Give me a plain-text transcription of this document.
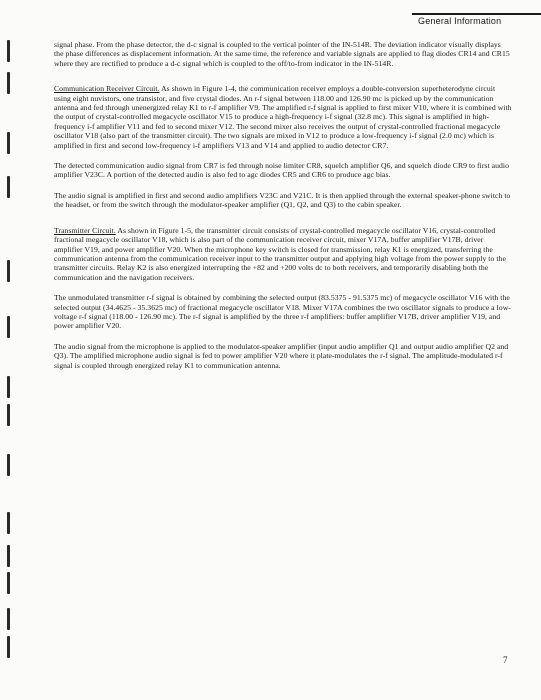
General Information

signal phase. From the phase detector, the d-c signal is coupled to the vertical pointer of the IN-514R. The deviation indicator visually displays the phase differences as displacement information. At the same time, the reference and variable signals are applied to flag diodes CR14 and CR15 where they are rectified to produce a d-c signal which is coupled to the off/to-from indicator in the IN-514R.

Communication Receiver Circuit. As shown in Figure 1-4, the communication receiver employs a double-conversion superheterodyne circuit using eight nuvistors, one transistor, and five crystal diodes. An r-f signal between 118.00 and 126.90 mc is picked up by the communication antenna and fed through unenergized relay K1 to r-f amplifier V9. The amplified r-f signal is applied to first mixer V10, where it is combined with the output of crystal-controlled megacycle oscillator V15 to produce a high-frequency i-f signal (32.8 mc). This signal is amplified in high-frequency i-f amplifier V11 and fed to second mixer V12. The second mixer also receives the output of crystal-controlled fractional megacycle oscillator V18 (also part of the transmitter circuit). The two signals are mixed in V12 to produce a low-frequency i-f signal (2.0 mc) which is amplified in first and second low-frequency i-f amplifiers V13 and V14 and applied to audio detector CR7.

The detected communication audio signal from CR7 is fed through noise limiter CR8, squelch amplifier Q6, and squelch diode CR9 to first audio amplifier V23C. A portion of the detected audio is also fed to agc diodes CR5 and CR6 to produce agc bias.

The audio signal is amplified in first and second audio amplifiers V23C and V21C. It is then applied through the external speaker-phone switch to the headset, or from the switch through the modulator-speaker amplifier (Q1, Q2, and Q3) to the cabin speaker.

Transmitter Circuit. As shown in Figure 1-5, the transmitter circuit consists of crystal-controlled megacycle oscillator V16, crystal-controlled fractional megacycle oscillator V18, which is also part of the communication receiver circuit, mixer V17A, buffer amplifier V17B, driver amplifier V19, and power amplifier V20. When the microphone key switch is closed for transmission, relay K1 is energized, transferring the communication antenna from the communication receiver input to the transmitter output and applying high voltage from the power supply to the transmitter circuits. Relay K2 is also energized interrupting the +82 and +200 volts dc to both receivers, and temporarily disabling both the communication and the navigation receivers.

The unmodulated transmitter r-f signal is obtained by combining the selected output (83.5375 - 91.5375 mc) of megacycle oscillator V16 with the selected output (34.4625 - 35.3625 mc) of fractional megacycle oscillator V18. Mixer V17A combines the two oscillator signals to produce a low-voltage r-f signal (118.00 - 126.90 mc). The r-f signal is amplified by the three r-f amplifiers: buffer amplifier V17B, driver amplifier V19, and power amplifier V20.

The audio signal from the microphone is applied to the modulator-speaker amplifier (input audio amplifier Q1 and output audio amplifier Q2 and Q3). The amplified microphone audio signal is fed to power amplifier V20 where it plate-modulates the r-f signal. The amplitude-modulated r-f signal is coupled through energized relay K1 to communication antenna.

7
